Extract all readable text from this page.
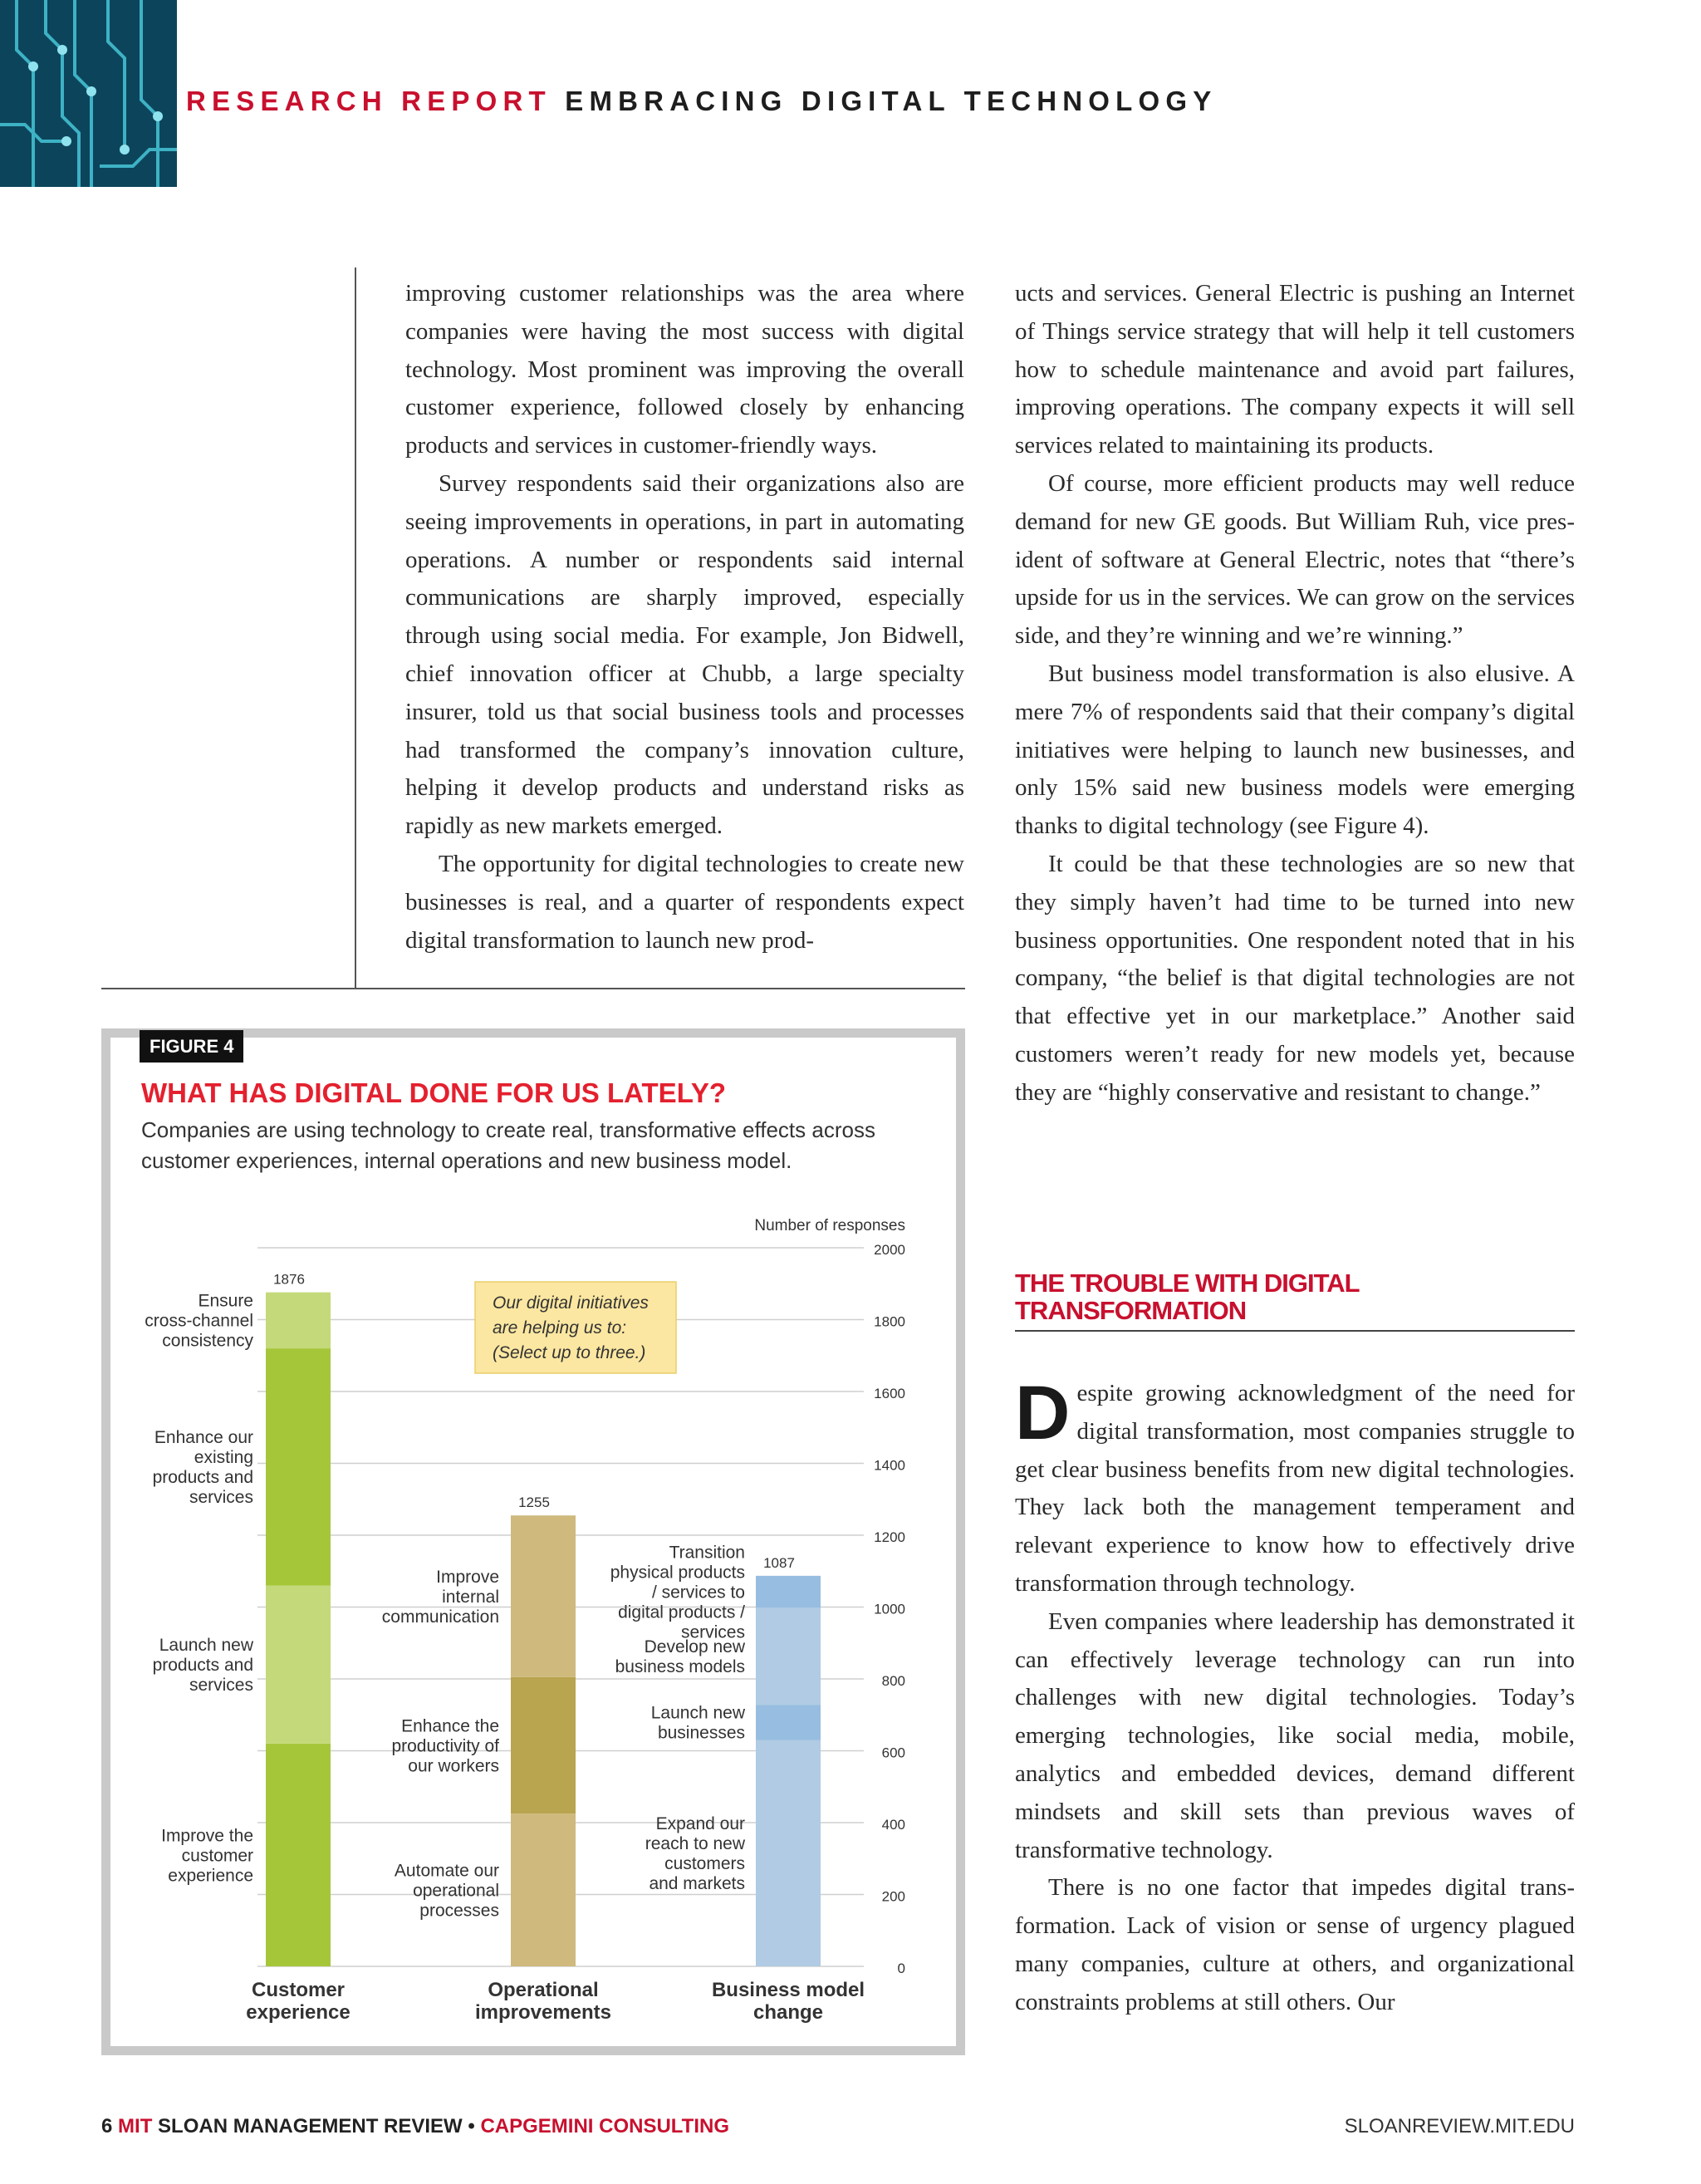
RESEARCH REPORT EMBRACING DIGITAL TECHNOLOGY

improving customer relationships was the area where companies were having the most success with digital technology. Most prominent was improving the overall customer experience, followed closely by enhancing products and services in customer-friendly ways.

Survey respondents said their organizations also are seeing improvements in operations, in part in automating operations. A number or respondents said internal communications are sharply improved, especially through using social media. For example, Jon Bidwell, chief innovation officer at Chubb, a large specialty insurer, told us that social business tools and processes had transformed the company’s innovation culture, helping it develop products and understand risks as rapidly as new markets emerged.

The opportunity for digital technologies to create new businesses is real, and a quarter of respondents expect digital transformation to launch new prod-

ucts and services. General Electric is pushing an Internet of Things service strategy that will help it tell customers how to schedule maintenance and avoid part failures, improving operations. The company expects it will sell services related to maintaining its products.

Of course, more efficient products may well reduce demand for new GE goods. But William Ruh, vice president of software at General Electric, notes that “there’s upside for us in the services. We can grow on the services side, and they’re winning and we’re winning.”

But business model transformation is also elusive. A mere 7% of respondents said that their company’s digital initiatives were helping to launch new businesses, and only 15% said new business models were emerging thanks to digital technology (see Figure 4).

It could be that these technologies are so new that they simply haven’t had time to be turned into new business opportunities. One respondent noted that in his company, “the belief is that digital technologies are not that effective yet in our marketplace.” Another said customers weren’t ready for new models yet, because they are “highly conservative and resistant to change.”

THE TROUBLE WITH DIGITAL TRANSFORMATION

Despite growing acknowledgment of the need for digital transformation, most companies struggle to get clear business benefits from new digital technologies. They lack both the management temperament and relevant experience to know how to effectively drive transformation through technology.

Even companies where leadership has demonstrated it can effectively leverage technology can run into challenges with new digital technologies. Today’s emerging technologies, like social media, mobile, analytics and embedded devices, demand different mindsets and skill sets than previous waves of transformative technology.

There is no one factor that impedes digital transformation. Lack of vision or sense of urgency plagued many companies, culture at others, and organizational constraints problems at still others. Our

FIGURE 4
WHAT HAS DIGITAL DONE FOR US LATELY?
Companies are using technology to create real, transformative effects across customer experiences, internal operations and new business model.
0
200
400
600
800
1000
1200
1400
1600
1800
2000
Number of responses
Our digital initiatives
are helping us to:
(Select up to three.)
Improve the
customer
experience
Launch new
products and
services
Enhance our
existing
products and
services
Ensure
cross-channel
consistency
1876
Customer
experience
Automate our
operational
processes
Enhance the
productivity of
our workers
Improve
internal
communication
1255
Operational
improvements
Expand our
reach to new
customers
and markets
Launch new
businesses
Develop new
business models
Transition
physical products
/ services to
digital products /
services
1087
Business model
change
6 MIT SLOAN MANAGEMENT REVIEW • CAPGEMINI CONSULTING	SLOANREVIEW.MIT.EDU
